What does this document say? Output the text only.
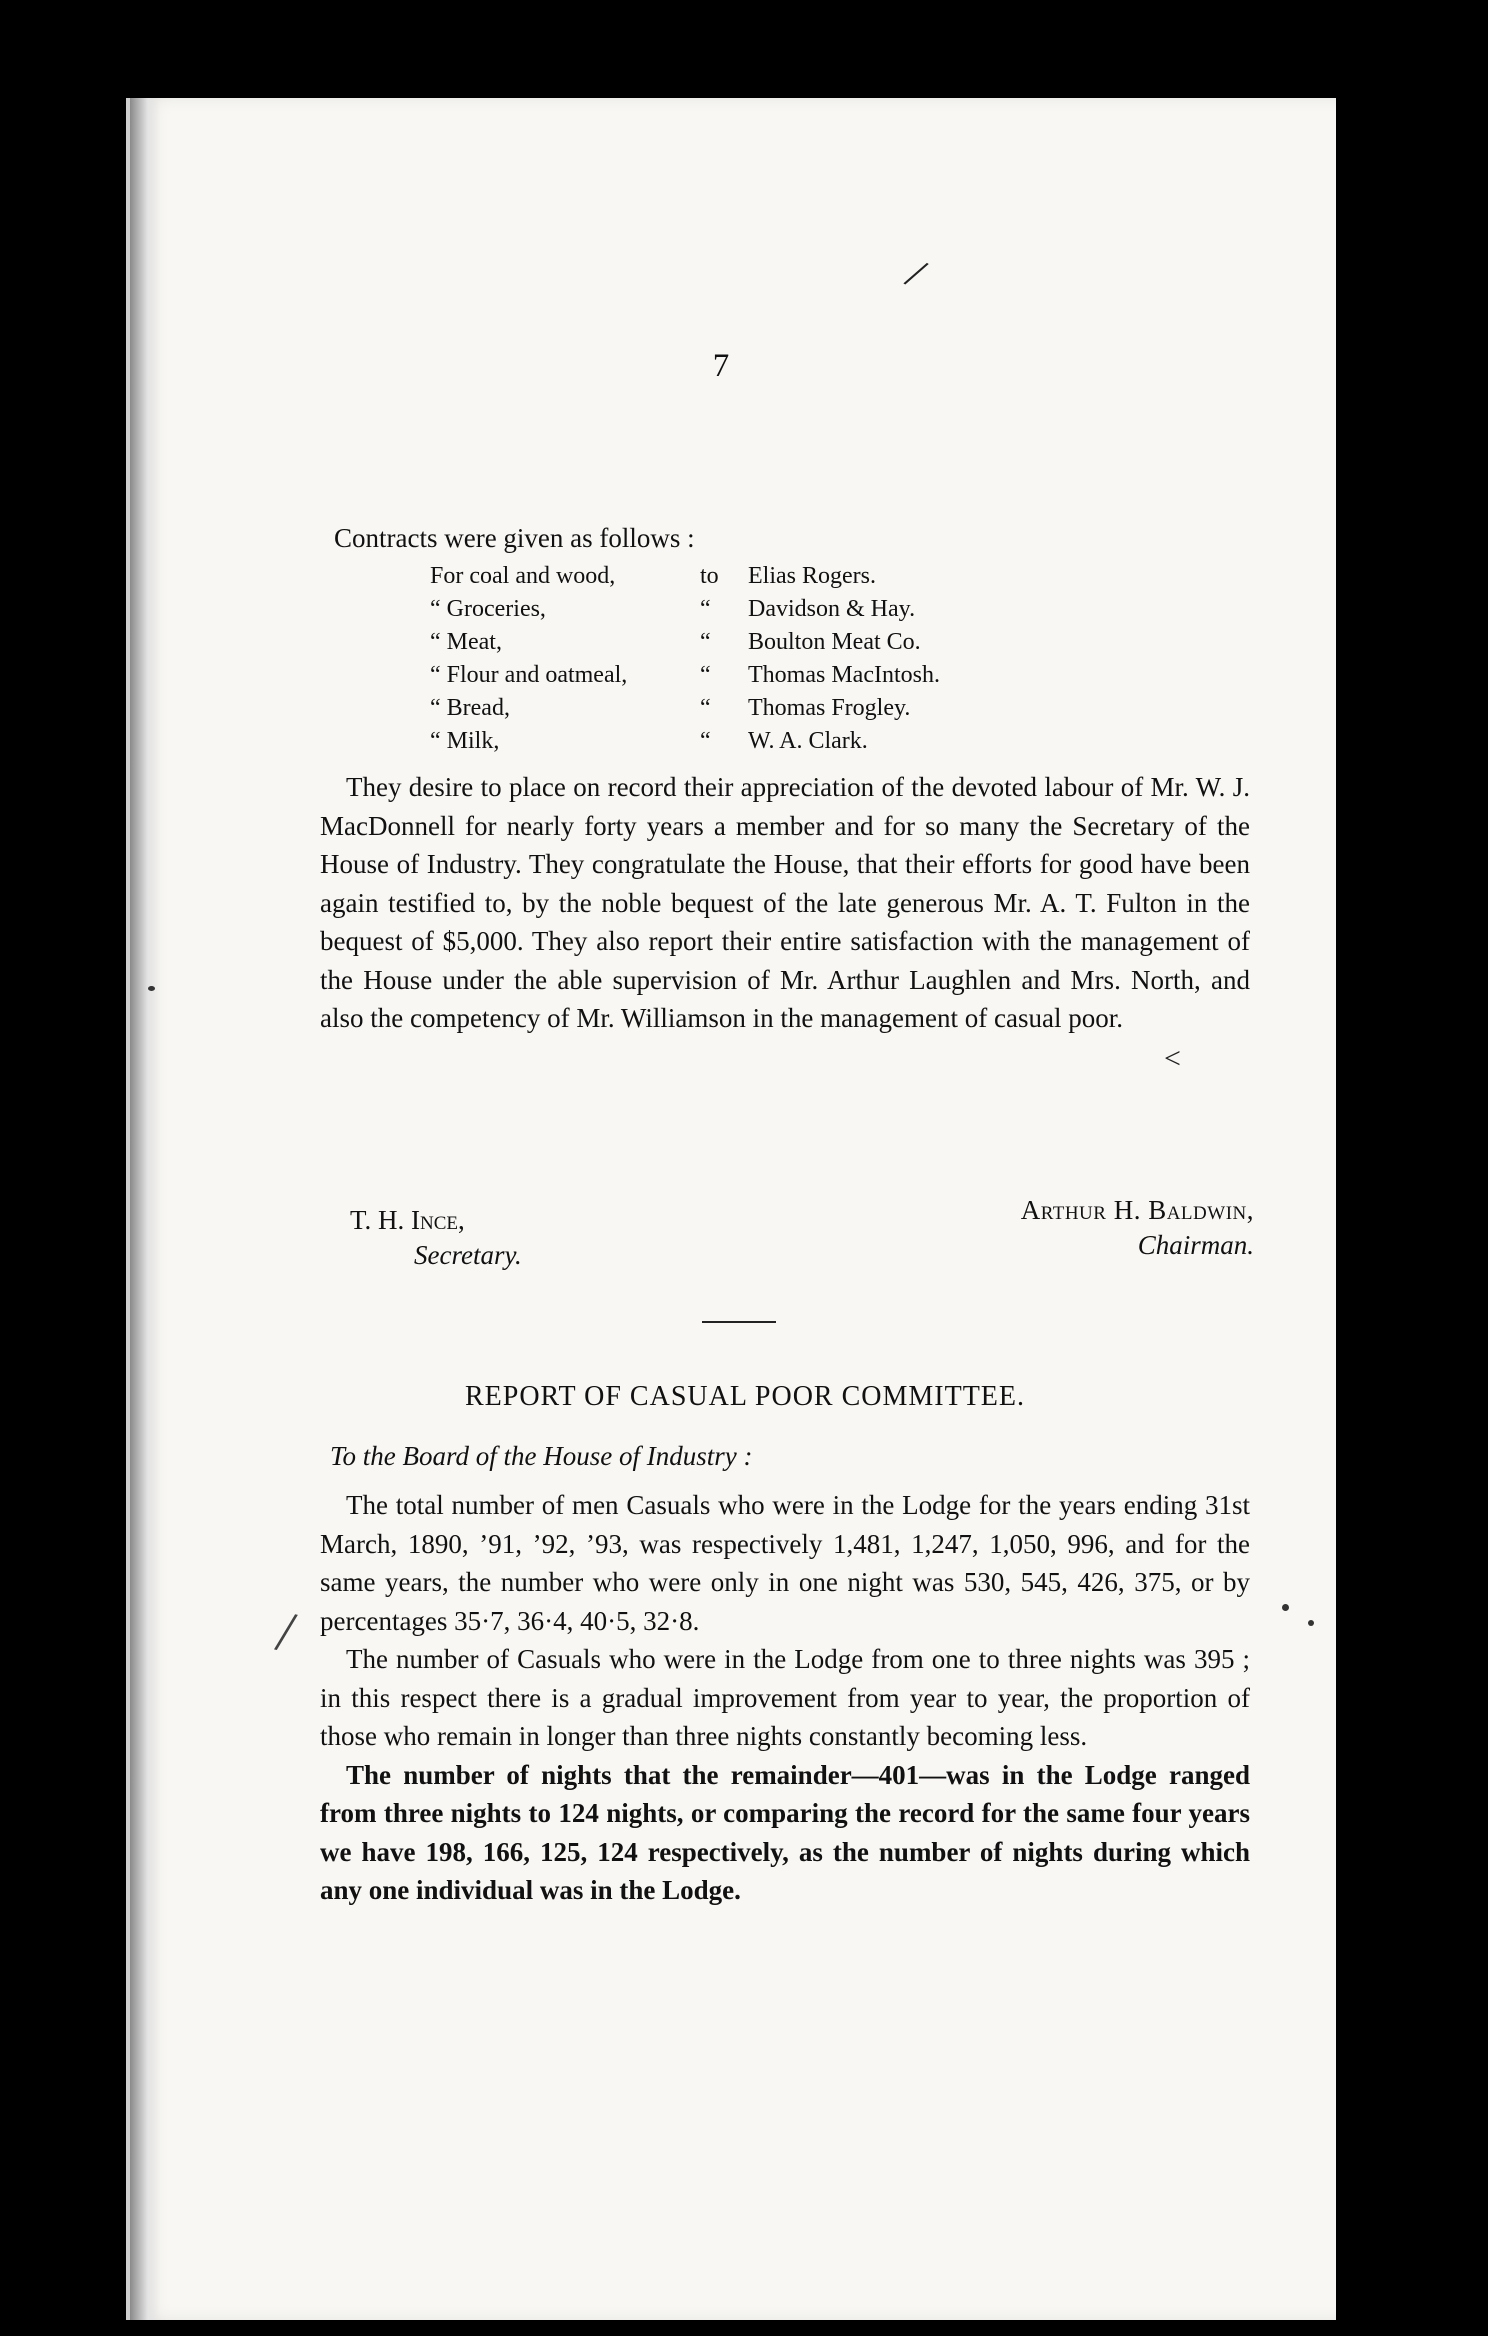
/
7
Contracts were given as follows :
For coal and wood,	to	Elias Rogers.
“ Groceries,	“	Davidson & Hay.
“ Meat,	“	Boulton Meat Co.
“ Flour and oatmeal,	“	Thomas MacIntosh.
“ Bread,	“	Thomas Frogley.
“ Milk,	“	W. A. Clark.

They desire to place on record their appreciation of the devoted labour of Mr. W. J. MacDonnell for nearly forty years a member and for so many the Secretary of the House of Industry. They congratulate the House, that their efforts for good have been again testified to, by the noble bequest of the late generous Mr. A. T. Fulton in the bequest of $5,000. They also report their entire satisfaction with the management of the House under the able supervision of Mr. Arthur Laughlen and Mrs. North, and also the competency of Mr. Williamson in the management of casual poor.

T. H. Ince,
Secretary.
Arthur H. Baldwin,
Chairman.
REPORT OF CASUAL POOR COMMITTEE.
To the Board of the House of Industry :

The total number of men Casuals who were in the Lodge for the years ending 31st March, 1890, ’91, ’92, ’93, was respectively 1,481, 1,247, 1,050, 996, and for the same years, the number who were only in one night was 530, 545, 426, 375, or by percentages 35·7, 36·4, 40·5, 32·8.

The number of Casuals who were in the Lodge from one to three nights was 395 ; in this respect there is a gradual improvement from year to year, the proportion of those who remain in longer than three nights constantly becoming less.

The number of nights that the remainder—401—was in the Lodge ranged from three nights to 124 nights, or comparing the record for the same four years we have 198, 166, 125, 124 respectively, as the number of nights during which any one individual was in the Lodge.

/
<
